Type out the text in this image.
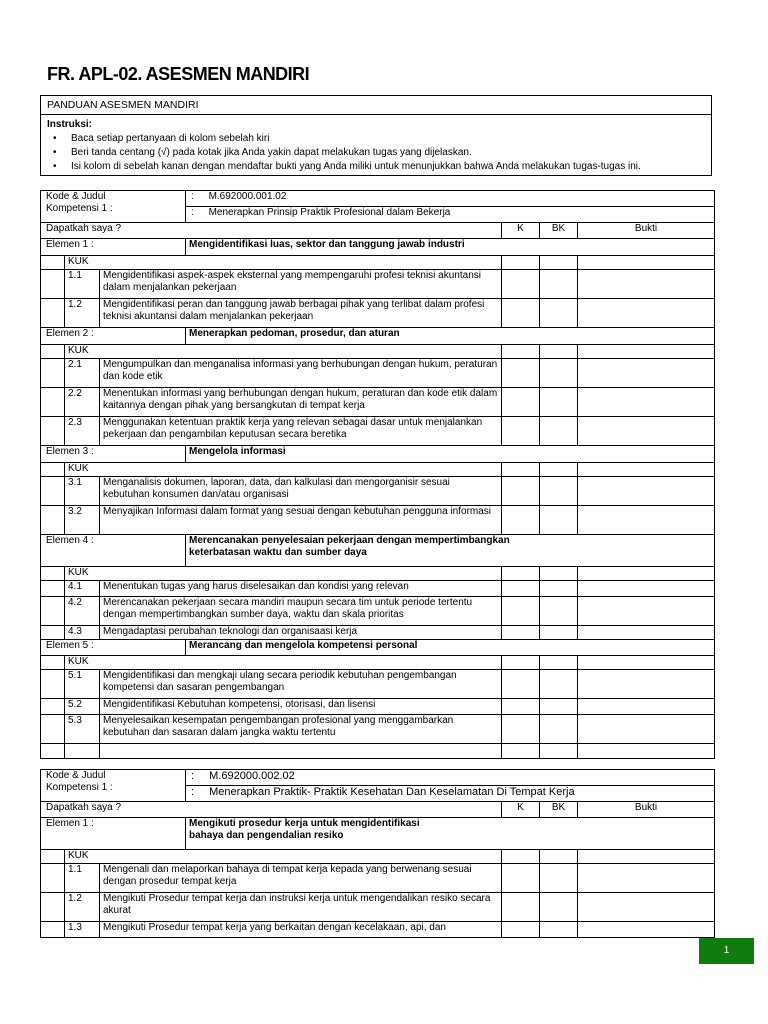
FR. APL-02. ASESMEN MANDIRI
PANDUAN ASESMEN MANDIRI
Instruksi:
• Baca setiap pertanyaan di kolom sebelah kiri
• Beri tanda centang (√) pada kotak jika Anda yakin dapat melakukan tugas yang dijelaskan.
• Isi kolom di sebelah kanan dengan mendaftar bukti yang Anda miliki untuk menunjukkan bahwa Anda melakukan tugas-tugas ini.
Kode & Judul
Kompetensi 1 :			: M.692000.001.02			
			: Menerapkan Prinsip Praktik Profesional dalam Bekerja			
Dapatkah saya ?				K	BK	Bukti
Elemen 1 :			Mengidentifikasi luas, sektor dan tanggung jawab industri			
	KUK					
	1.1	Mengidentifikasi aspek-aspek eksternal yang mempengaruhi profesi teknisi akuntansi dalam menjalankan pekerjaan				
	1.2	Mengidentifikasi peran dan tanggung jawab berbagai pihak yang terlibat dalam profesi teknisi akuntansi dalam menjalankan pekerjaan				
Elemen 2 :			Menerapkan pedoman, prosedur, dan aturan			
	KUK					
	2.1	Mengumpulkan dan menganalisa informasi yang berhubungan dengan hukum, peraturan dan kode etik				
	2.2	Menentukan informasi yang berhubungan dengan hukum, peraturan dan kode etik dalam kaitannya dengan pihak yang bersangkutan di tempat kerja				
	2.3	Menggunakan ketentuan praktik kerja yang relevan sebagai dasar untuk menjalankan pekerjaan dan pengambilan keputusan secara beretika				
Elemen 3 :			Mengelola informasi			
	KUK					
	3.1	Menganalisis dokumen, laporan, data, dan kalkulasi dan mengorganisir sesuai kebutuhan konsumen dan/atau organisasi				
	3.2	Menyajikan Informasi dalam format yang sesuai dengan kebutuhan pengguna informasi				
Elemen 4 :			Merencanakan penyelesaian pekerjaan dengan mempertimbangkan keterbatasan waktu dan sumber daya			
	KUK					
	4.1	Menentukan tugas yang harus diselesaikan dan kondisi yang relevan				
	4.2	Merencanakan pekerjaan secara mandiri maupun secara tim untuk periode tertentu dengan mempertimbangkan sumber daya, waktu dan skala prioritas				
	4.3	Mengadaptasi perubahan teknologi dan organisaasi kerja				
Elemen 5 :			Merancang dan mengelola kompetensi personal			
	KUK					
	5.1	Mengidentifikasi dan mengkaji ulang secara periodik kebutuhan pengembangan kompetensi dan sasaran pengembangan				
	5.2	Mengidentifikasi Kebutuhan kompetensi, otorisasi, dan lisensi				
	5.3	Menyelesaikan kesempatan pengembangan profesional yang menggambarkan kebutuhan dan sasaran dalam jangka waktu tertentu				

Kode & Judul
Kompetensi 1 :			: M.692000.002.02			
			: Menerapkan Praktik- Praktik Kesehatan Dan Keselamatan Di Tempat Kerja			
Dapatkah saya ?				K	BK	Bukti
Elemen 1 :			Mengikuti prosedur kerja untuk mengidentifikasi bahaya dan pengendalian resiko			
	KUK					
	1.1	Mengenali dan melaporkan bahaya di tempat kerja kepada yang berwenang sesuai dengan prosedur tempat kerja				
	1.2	Mengikuti Prosedur tempat kerja dan instruksi kerja untuk mengendalikan resiko secara akurat				
	1.3	Mengikuti Prosedur tempat kerja yang berkaitan dengan kecelakaan, api, dan				
1
